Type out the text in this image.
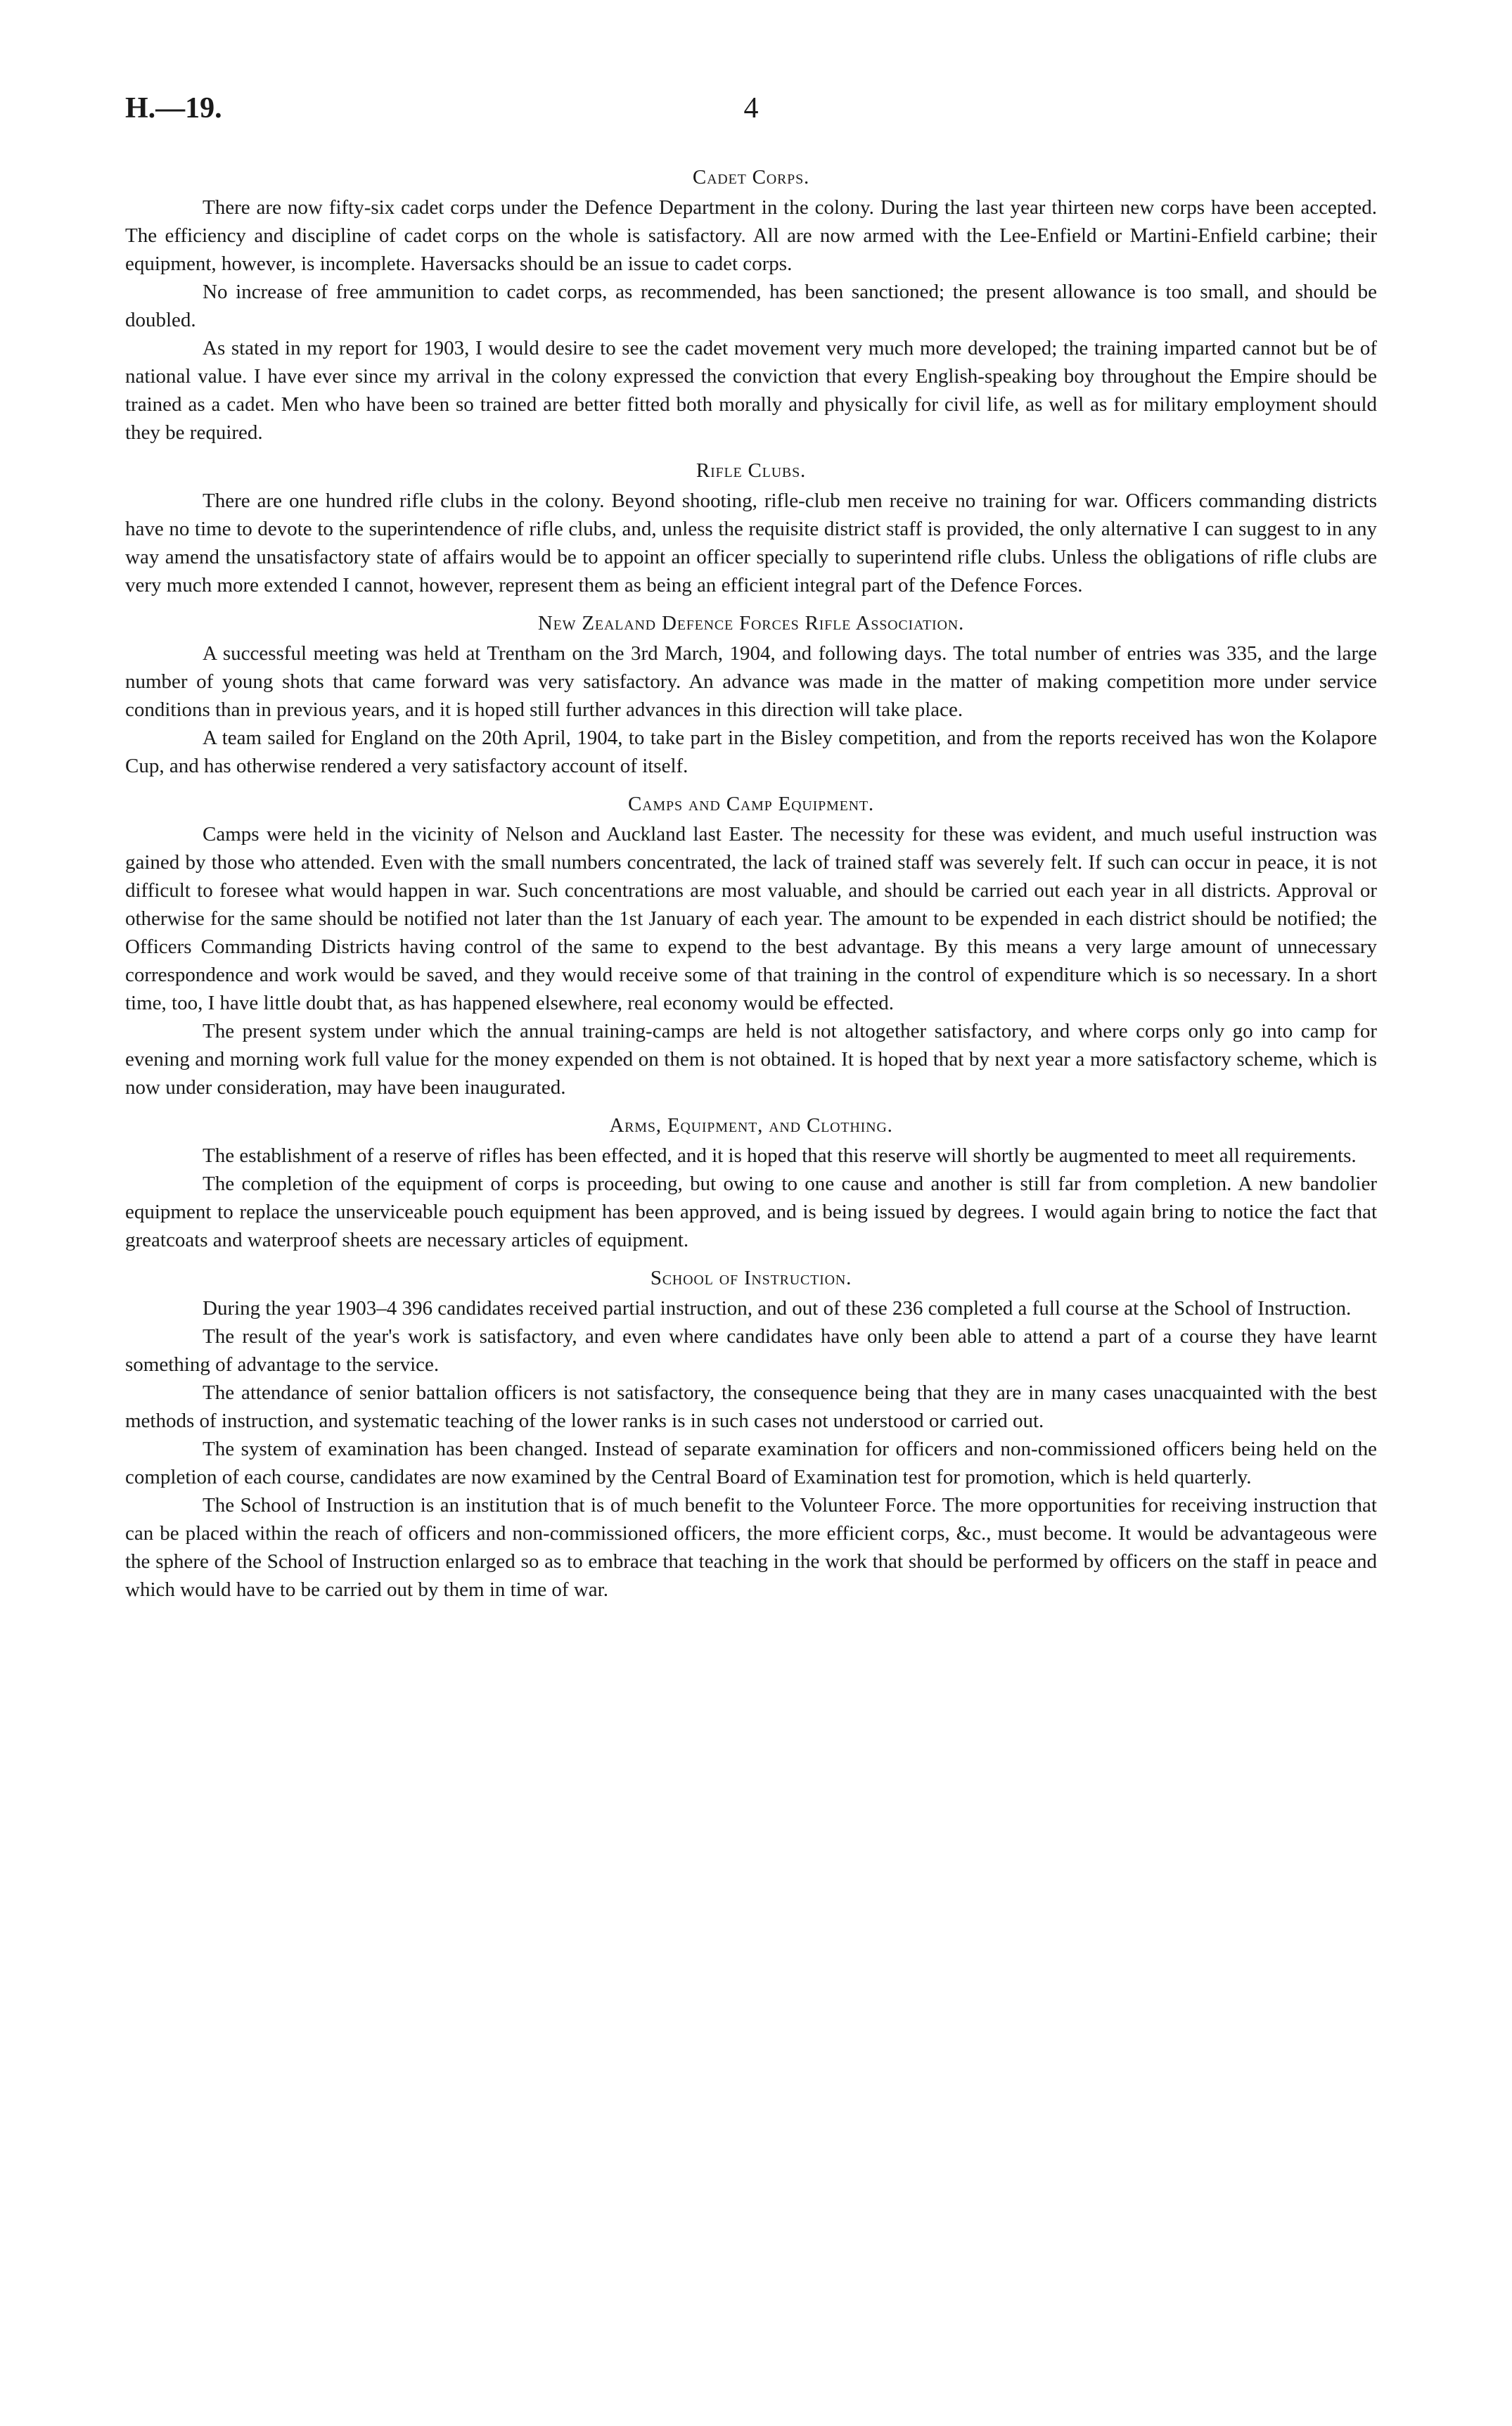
H.—19.	4
Cadet Corps.

There are now fifty-six cadet corps under the Defence Department in the colony. During the last year thirteen new corps have been accepted. The efficiency and discipline of cadet corps on the whole is satisfactory. All are now armed with the Lee-Enfield or Martini-Enfield carbine; their equipment, however, is incomplete. Haversacks should be an issue to cadet corps.

No increase of free ammunition to cadet corps, as recommended, has been sanctioned; the present allowance is too small, and should be doubled.

As stated in my report for 1903, I would desire to see the cadet movement very much more developed; the training imparted cannot but be of national value. I have ever since my arrival in the colony expressed the conviction that every English-speaking boy throughout the Empire should be trained as a cadet. Men who have been so trained are better fitted both morally and physically for civil life, as well as for military employment should they be required.

Rifle Clubs.

There are one hundred rifle clubs in the colony. Beyond shooting, rifle-club men receive no training for war. Officers commanding districts have no time to devote to the superintendence of rifle clubs, and, unless the requisite district staff is provided, the only alternative I can suggest to in any way amend the unsatisfactory state of affairs would be to appoint an officer specially to superintend rifle clubs. Unless the obligations of rifle clubs are very much more extended I cannot, however, represent them as being an efficient integral part of the Defence Forces.

New Zealand Defence Forces Rifle Association.

A successful meeting was held at Trentham on the 3rd March, 1904, and following days. The total number of entries was 335, and the large number of young shots that came forward was very satisfactory. An advance was made in the matter of making competition more under service conditions than in previous years, and it is hoped still further advances in this direction will take place.

A team sailed for England on the 20th April, 1904, to take part in the Bisley competition, and from the reports received has won the Kolapore Cup, and has otherwise rendered a very satisfactory account of itself.

Camps and Camp Equipment.

Camps were held in the vicinity of Nelson and Auckland last Easter. The necessity for these was evident, and much useful instruction was gained by those who attended. Even with the small numbers concentrated, the lack of trained staff was severely felt. If such can occur in peace, it is not difficult to foresee what would happen in war. Such concentrations are most valuable, and should be carried out each year in all districts. Approval or otherwise for the same should be notified not later than the 1st January of each year. The amount to be expended in each district should be notified; the Officers Commanding Districts having control of the same to expend to the best advantage. By this means a very large amount of unnecessary correspondence and work would be saved, and they would receive some of that training in the control of expenditure which is so necessary. In a short time, too, I have little doubt that, as has happened elsewhere, real economy would be effected.

The present system under which the annual training-camps are held is not altogether satisfactory, and where corps only go into camp for evening and morning work full value for the money expended on them is not obtained. It is hoped that by next year a more satisfactory scheme, which is now under consideration, may have been inaugurated.

Arms, Equipment, and Clothing.

The establishment of a reserve of rifles has been effected, and it is hoped that this reserve will shortly be augmented to meet all requirements.

The completion of the equipment of corps is proceeding, but owing to one cause and another is still far from completion. A new bandolier equipment to replace the unserviceable pouch equipment has been approved, and is being issued by degrees. I would again bring to notice the fact that greatcoats and waterproof sheets are necessary articles of equipment.

School of Instruction.

During the year 1903–4 396 candidates received partial instruction, and out of these 236 completed a full course at the School of Instruction.

The result of the year's work is satisfactory, and even where candidates have only been able to attend a part of a course they have learnt something of advantage to the service.

The attendance of senior battalion officers is not satisfactory, the consequence being that they are in many cases unacquainted with the best methods of instruction, and systematic teaching of the lower ranks is in such cases not understood or carried out.

The system of examination has been changed. Instead of separate examination for officers and non-commissioned officers being held on the completion of each course, candidates are now examined by the Central Board of Examination test for promotion, which is held quarterly.

The School of Instruction is an institution that is of much benefit to the Volunteer Force. The more opportunities for receiving instruction that can be placed within the reach of officers and non-commissioned officers, the more efficient corps, &c., must become. It would be advantageous were the sphere of the School of Instruction enlarged so as to embrace that teaching in the work that should be performed by officers on the staff in peace and which would have to be carried out by them in time of war.
